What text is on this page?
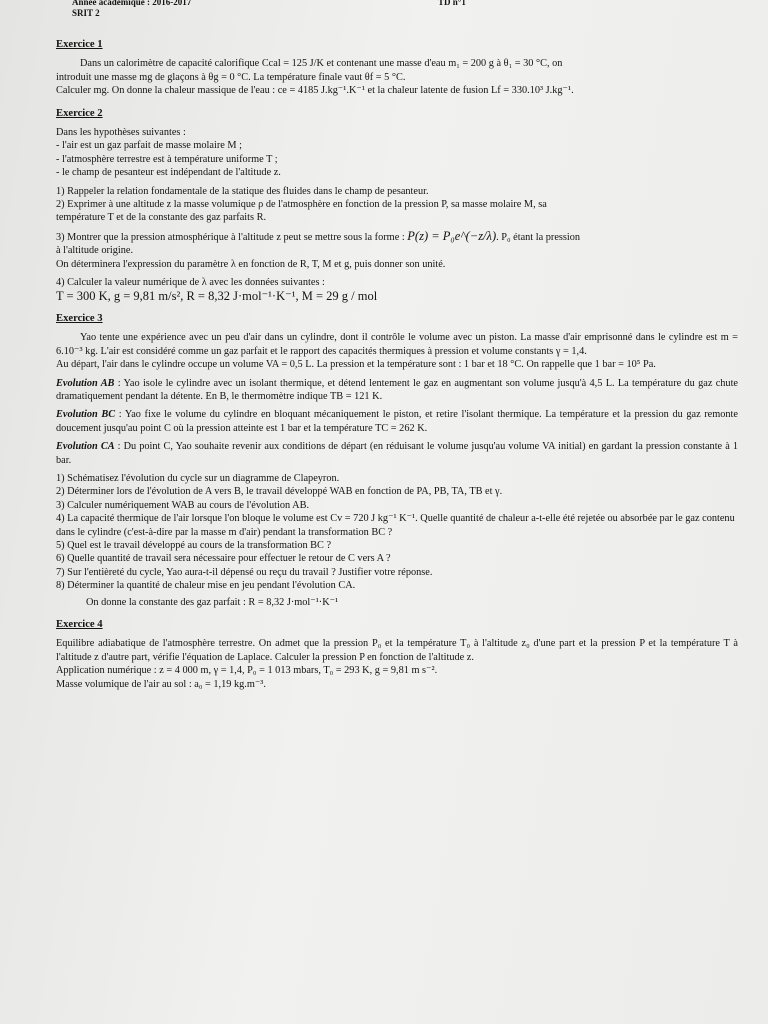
Année académique : 2016-2017
SRIT 2
TD n°1
Exercice 1

Dans un calorimètre de capacité calorifique Ccal = 125 J/K et contenant une masse d'eau m₁ = 200 g à θ₁ = 30 °C, on

introduit une masse mg de glaçons à θg = 0 °C. La température finale vaut θf = 5 °C.

Calculer mg. On donne la chaleur massique de l'eau : ce = 4185 J.kg⁻¹.K⁻¹ et la chaleur latente de fusion Lf = 330.10³ J.kg⁻¹.

Exercice 2

Dans les hypothèses suivantes :

- l'air est un gaz parfait de masse molaire M ;
- l'atmosphère terrestre est à température uniforme T ;
- le champ de pesanteur est indépendant de l'altitude z.

1) Rappeler la relation fondamentale de la statique des fluides dans le champ de pesanteur.

2) Exprimer à une altitude z la masse volumique ρ de l'atmosphère en fonction de la pression P, sa masse molaire M, sa
température T et de la constante des gaz parfaits R.

3) Montrer que la pression atmosphérique à l'altitude z peut se mettre sous la forme : P(z) = P₀e^(−z/λ). P₀ étant la pression
à l'altitude origine.
On déterminera l'expression du paramètre λ en fonction de R, T, M et g, puis donner son unité.

4) Calculer la valeur numérique de λ avec les données suivantes :

T = 300 K, g = 9,81 m/s², R = 8,32 J·mol⁻¹·K⁻¹, M = 29 g / mol

Exercice 3

Yao tente une expérience avec un peu d'air dans un cylindre, dont il contrôle le volume avec un piston. La masse d'air emprisonné dans le cylindre est m = 6.10⁻³ kg. L'air est considéré comme un gaz parfait et le rapport des capacités thermiques à pression et volume constants γ = 1,4.

Au départ, l'air dans le cylindre occupe un volume VA = 0,5 L. La pression et la température sont : 1 bar et 18 °C. On rappelle que 1 bar = 10⁵ Pa.

Evolution AB : Yao isole le cylindre avec un isolant thermique, et détend lentement le gaz en augmentant son volume jusqu'à 4,5 L. La température du gaz chute dramatiquement pendant la détente. En B, le thermomètre indique TB = 121 K.

Evolution BC : Yao fixe le volume du cylindre en bloquant mécaniquement le piston, et retire l'isolant thermique. La température et la pression du gaz remonte doucement jusqu'au point C où la pression atteinte est 1 bar et la température TC = 262 K.

Evolution CA : Du point C, Yao souhaite revenir aux conditions de départ (en réduisant le volume jusqu'au volume VA initial) en gardant la pression constante à 1 bar.

1) Schématisez l'évolution du cycle sur un diagramme de Clapeyron.

2) Déterminer lors de l'évolution de A vers B, le travail développé WAB en fonction de PA, PB, TA, TB et γ.

3) Calculer numériquement WAB au cours de l'évolution AB.

4) La capacité thermique de l'air lorsque l'on bloque le volume est Cv = 720 J kg⁻¹ K⁻¹. Quelle quantité de chaleur a-t-elle été rejetée ou absorbée par le gaz contenu dans le cylindre (c'est-à-dire par la masse m d'air) pendant la transformation BC ?

5) Quel est le travail développé au cours de la transformation BC ?

6) Quelle quantité de travail sera nécessaire pour effectuer le retour de C vers A ?

7) Sur l'entièreté du cycle, Yao aura-t-il dépensé ou reçu du travail ? Justifier votre réponse.

8) Déterminer la quantité de chaleur mise en jeu pendant l'évolution CA.

On donne la constante des gaz parfait : R = 8,32 J·mol⁻¹·K⁻¹

Exercice 4

Equilibre adiabatique de l'atmosphère terrestre. On admet que la pression P₀ et la température T₀ à l'altitude z₀ d'une part et la pression P et la température T à l'altitude z d'autre part, vérifie l'équation de Laplace. Calculer la pression P en fonction de l'altitude z.

Application numérique : z = 4 000 m, γ = 1,4, P₀ = 1 013 mbars, T₀ = 293 K, g = 9,81 m s⁻².

Masse volumique de l'air au sol : a₀ = 1,19 kg.m⁻³.
